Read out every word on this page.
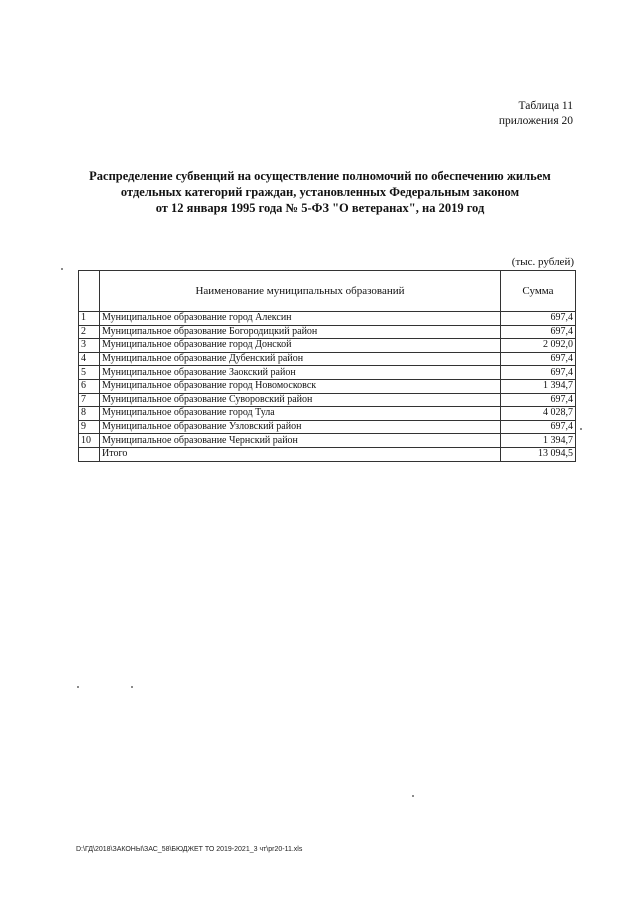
Таблица 11
приложения 20
Распределение субвенций на осуществление полномочий по обеспечению жильем
отдельных категорий граждан, установленных Федеральным законом
от 12 января 1995 года № 5-ФЗ "О ветеранах", на 2019 год
(тыс. рублей)
	Наименование муниципальных образований	Сумма
1	Муниципальное образование город Алексин	697,4
2	Муниципальное образование Богородицкий район	697,4
3	Муниципальное образование город Донской	2 092,0
4	Муниципальное образование Дубенский район	697,4
5	Муниципальное образование Заокский район	697,4
6	Муниципальное образование город Новомосковск	1 394,7
7	Муниципальное образование Суворовский район	697,4
8	Муниципальное образование город Тула	4 028,7
9	Муниципальное образование Узловский район	697,4
10	Муниципальное образование Чернский район	1 394,7
	Итого	13 094,5
D:\ГД\2018\ЗАКОНЫ\ЗАС_58\БЮДЖЕТ ТО 2019-2021_3 чт\pr20-11.xls
